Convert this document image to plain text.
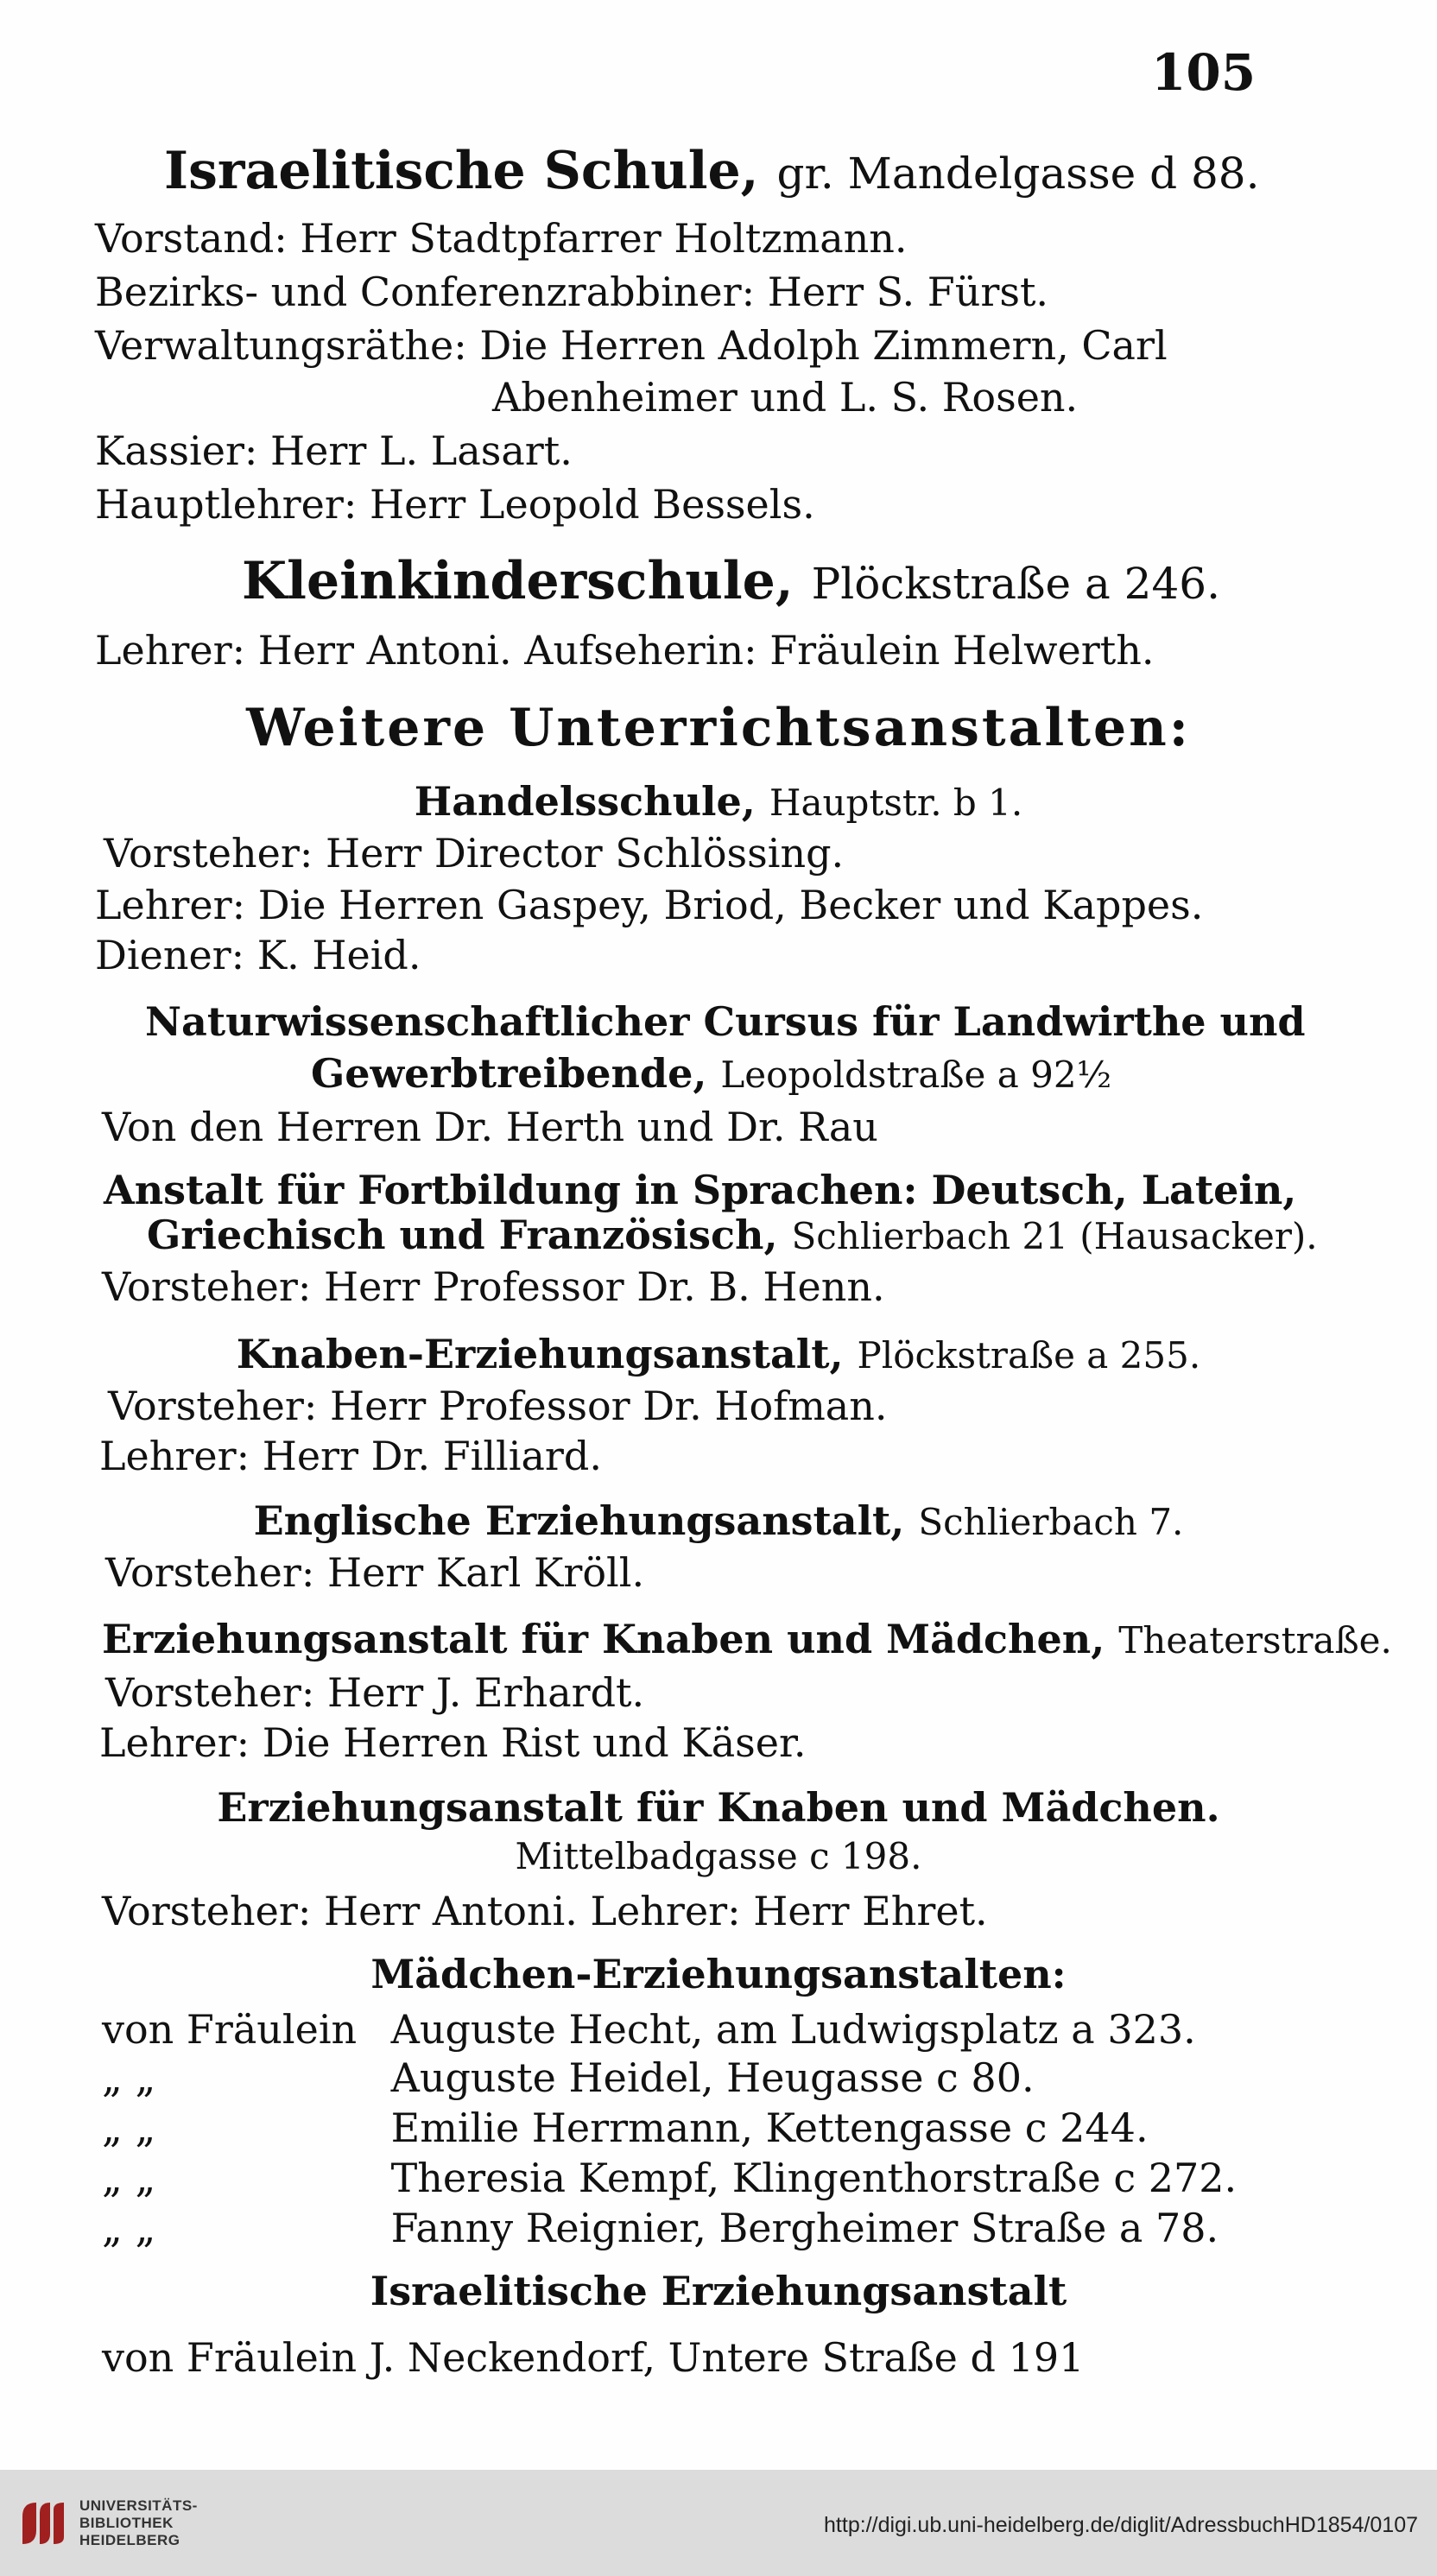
105
Israelitische Schule, gr. Mandelgasse d 88.
Vorstand: Herr Stadtpfarrer Holtzmann.
Bezirks- und Conferenzrabbiner: Herr S. Fürst.
Verwaltungsräthe: Die Herren Adolph Zimmern, Carl
Abenheimer und L. S. Rosen.
Kassier: Herr L. Lasart.
Hauptlehrer: Herr Leopold Bessels.
Kleinkinderschule, Plöckstraße a 246.
Lehrer: Herr Antoni. Aufseherin: Fräulein Helwerth.
Weitere Unterrichtsanstalten:
Handelsschule, Hauptstr. b 1.
Vorsteher: Herr Director Schlössing.
Lehrer: Die Herren Gaspey, Briod, Becker und Kappes.
Diener: K. Heid.
Naturwissenschaftlicher Cursus für Landwirthe und
Gewerbtreibende, Leopoldstraße a 92½
Von den Herren Dr. Herth und Dr. Rau
Anstalt für Fortbildung in Sprachen: Deutsch, Latein,
Griechisch und Französisch, Schlierbach 21 (Hausacker).
Vorsteher: Herr Professor Dr. B. Henn.
Knaben-Erziehungsanstalt, Plöckstraße a 255.
Vorsteher: Herr Professor Dr. Hofman.
Lehrer: Herr Dr. Filliard.
Englische Erziehungsanstalt, Schlierbach 7.
Vorsteher: Herr Karl Kröll.
Erziehungsanstalt für Knaben und Mädchen, Theaterstraße.
Vorsteher: Herr J. Erhardt.
Lehrer: Die Herren Rist und Käser.
Erziehungsanstalt für Knaben und Mädchen.
Mittelbadgasse c 198.
Vorsteher: Herr Antoni. Lehrer: Herr Ehret.
Mädchen-Erziehungsanstalten:
von Fräulein Auguste Hecht, am Ludwigsplatz a 323.
„ „	Auguste Heidel, Heugasse c 80.
„ „	Emilie Herrmann, Kettengasse c 244.
„ „	Theresia Kempf, Klingenthorstraße c 272.
„ „	Fanny Reignier, Bergheimer Straße a 78.
Israelitische Erziehungsanstalt
von Fräulein J. Neckendorf, Untere Straße d 191
UNIVERSITÄTS-
BIBLIOTHEK
HEIDELBERG
http://digi.ub.uni-heidelberg.de/diglit/AdressbuchHD1854/0107
